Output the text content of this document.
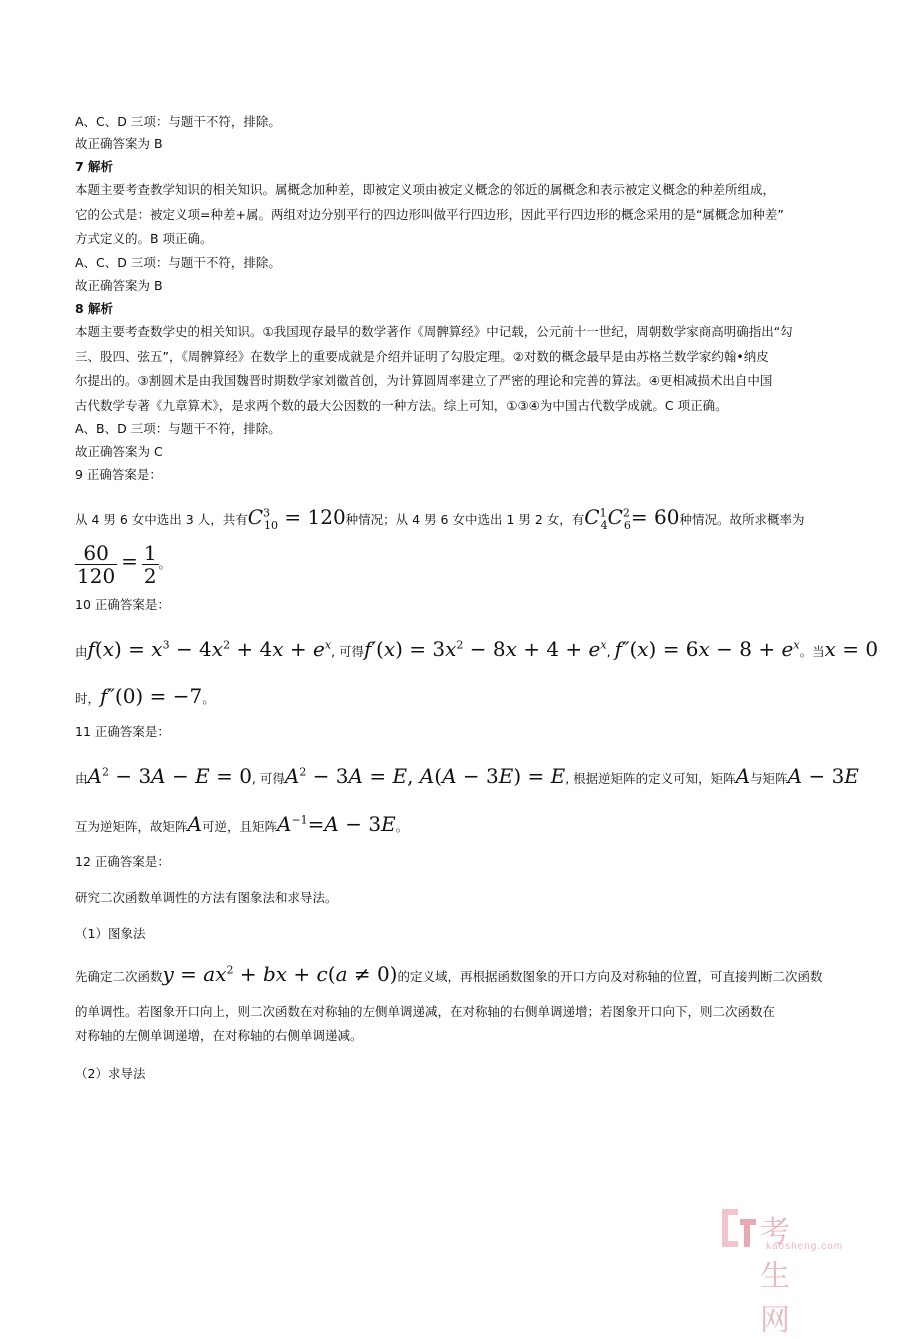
A、C、D 三项：与题干不符，排除。
故正确答案为 B
7 解析
本题主要考查教学知识的相关知识。属概念加种差，即被定义项由被定义概念的邻近的属概念和表示被定义概念的种差所组成，
它的公式是：被定义项=种差+属。两组对边分别平行的四边形叫做平行四边形，因此平行四边形的概念采用的是“属概念加种差”
方式定义的。B 项正确。
A、C、D 三项：与题干不符，排除。
故正确答案为 B
8 解析
本题主要考查数学史的相关知识。①我国现存最早的数学著作《周髀算经》中记载，公元前十一世纪，周朝数学家商高明确指出“勾
三、股四、弦五”，《周髀算经》在数学上的重要成就是介绍并证明了勾股定理。②对数的概念最早是由苏格兰数学家约翰•纳皮
尔提出的。③割圆术是由我国魏晋时期数学家刘徽首创，为计算圆周率建立了严密的理论和完善的算法。④更相减损术出自中国
古代数学专著《九章算术》，是求两个数的最大公因数的一种方法。综上可知，①③④为中国古代数学成就。C 项正确。
A、B、D 三项：与题干不符，排除。
故正确答案为 C
9 正确答案是：
从 4 男 6 女中选出 3 人，共有$C^3_{10} = 120$种情况；从 4 男 6 女中选出 1 男 2 女，有$C^1_4C^2_6= 60$种情况。故所求概率为
$\frac{60}{120} = \frac{1}{2}$ 。
10 正确答案是：
由$f(x) = x^3 - 4x^2 + 4x + e^x$, 可得$f'(x) = 3x^2 - 8x + 4 + e^x$, $f''(x) = 6x - 8 + e^x$。当x = 0
时，f″(0) = −7。
11 正确答案是：
由$A^2 - 3A - E = 0$, 可得$A^2 - 3A = E$, A(A − 3E) = E, 根据逆矩阵的定义可知，矩阵A与矩阵A − 3E
互为逆矩阵，故矩阵A可逆，且矩阵$A^{-1}=A - 3E$。
12 正确答案是：
研究二次函数单调性的方法有图象法和求导法。
（1）图象法
先确定二次函数$y = ax^2$ + bx + c(a ≠ 0)的定义域，再根据函数图象的开口方向及对称轴的位置，可直接判断二次函数
的单调性。若图象开口向上，则二次函数在对称轴的左侧单调递减，在对称轴的右侧单调递增；若图象开口向下，则二次函数在
对称轴的左侧单调递增，在对称轴的右侧单调递减。
（2）求导法
考生网
kaosheng.com
